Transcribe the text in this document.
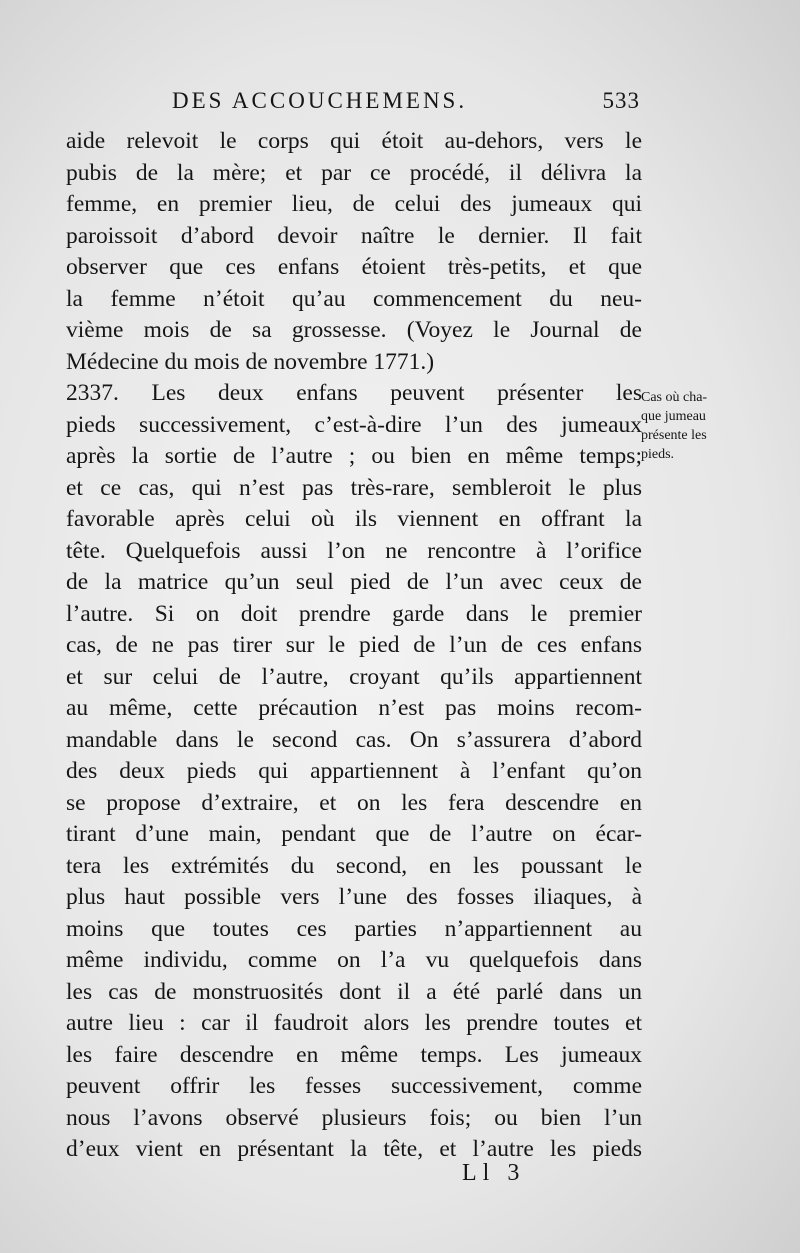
DES ACCOUCHEMENS.	533
aide relevoit le corps qui étoit au-dehors, vers le
pubis de la mère; et par ce procédé, il délivra la
femme, en premier lieu, de celui des jumeaux qui
paroissoit d’abord devoir naître le dernier. Il fait
observer que ces enfans étoient très-petits, et que
la femme n’étoit qu’au commencement du neu-
vième mois de sa grossesse. (Voyez le Journal de
Médecine du mois de novembre 1771.)
2337. Les deux enfans peuvent présenter les
pieds successivement, c’est-à-dire l’un des jumeaux
après la sortie de l’autre ; ou bien en même temps;
et ce cas, qui n’est pas très-rare, sembleroit le plus
favorable après celui où ils viennent en offrant la
tête. Quelquefois aussi l’on ne rencontre à l’orifice
de la matrice qu’un seul pied de l’un avec ceux de
l’autre. Si on doit prendre garde dans le premier
cas, de ne pas tirer sur le pied de l’un de ces enfans
et sur celui de l’autre, croyant qu’ils appartiennent
au même, cette précaution n’est pas moins recom-
mandable dans le second cas. On s’assurera d’abord
des deux pieds qui appartiennent à l’enfant qu’on
se propose d’extraire, et on les fera descendre en
tirant d’une main, pendant que de l’autre on écar-
tera les extrémités du second, en les poussant le
plus haut possible vers l’une des fosses iliaques, à
moins que toutes ces parties n’appartiennent au
même individu, comme on l’a vu quelquefois dans
les cas de monstruosités dont il a été parlé dans un
autre lieu : car il faudroit alors les prendre toutes et
les faire descendre en même temps. Les jumeaux
peuvent offrir les fesses successivement, comme
nous l’avons observé plusieurs fois; ou bien l’un
d’eux vient en présentant la tête, et l’autre les pieds
Cas où cha-
que jumeau
présente les
pieds.
Ll 3
